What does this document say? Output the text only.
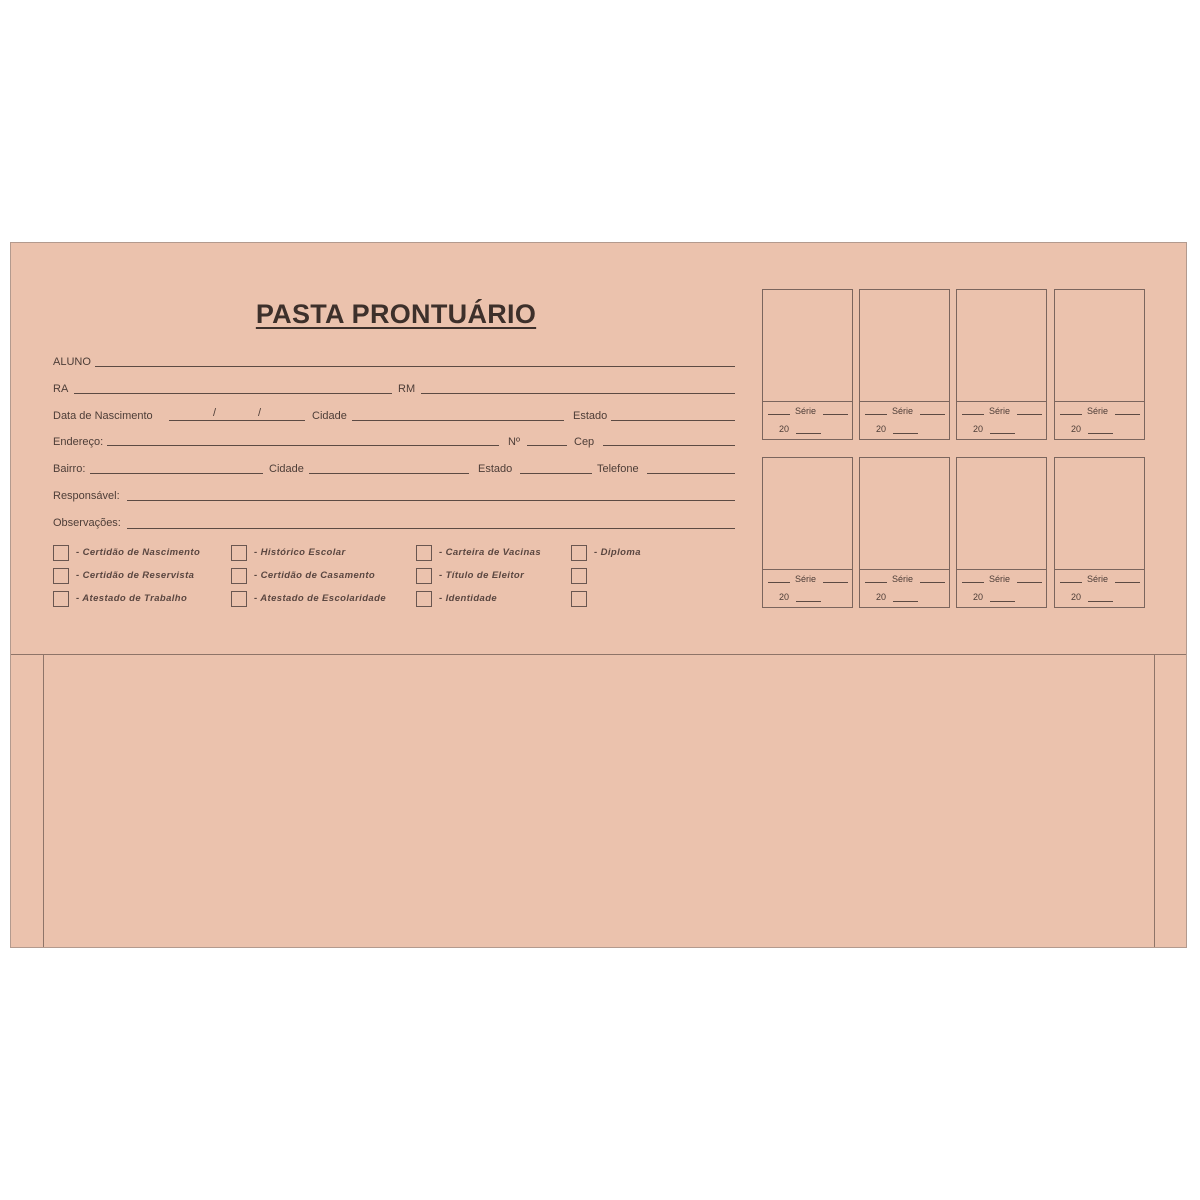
PASTA PRONTUÁRIO
ALUNO
RA	RM
Data de Nascimento	/	/	Cidade	Estado
Endereço:	Nº	Cep
Bairro:	Cidade	Estado	Telefone
Responsável:
Observações:
- Certidão de Nascimento
- Certidão de Reservista
- Atestado de Trabalho
- Histórico Escolar
- Certidão de Casamento
- Atestado de Escolaridade
- Carteira de Vacinas
- Título de Eleitor
- Identidade
- Diploma
Série
20
Série
20
Série
20
Série
20
Série
20
Série
20
Série
20
Série
20
